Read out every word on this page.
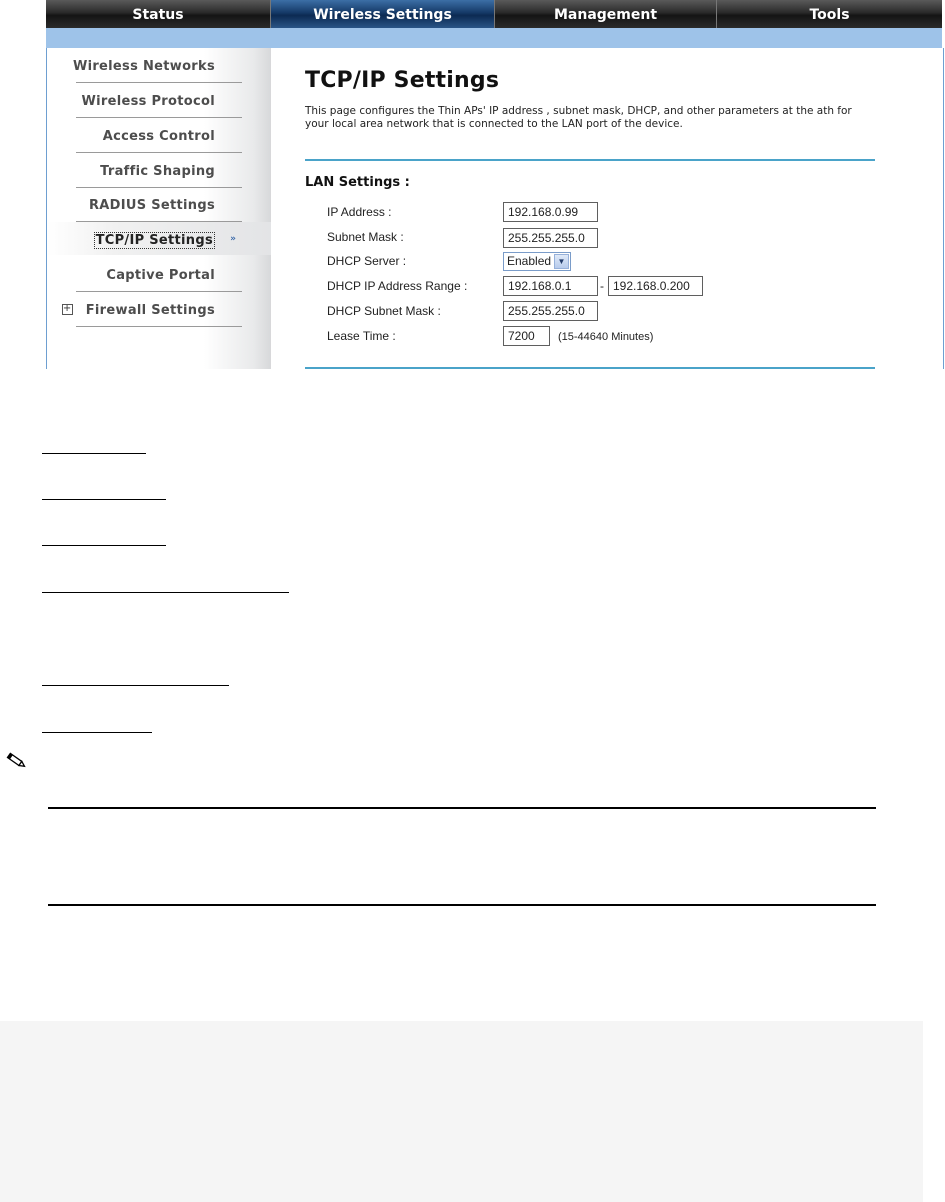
Status	Wireless Settings	Management	Tools
Wireless Networks
Wireless Protocol
Access Control
Traffic Shaping
RADIUS Settings
TCP/IP Settings »
Captive Portal
+ Firewall Settings
TCP/IP Settings
This page configures the Thin APs' IP address , subnet mask, DHCP, and other parameters at the ath for your local area network that is connected to the LAN port of the device.
LAN Settings :
IP Address :	192.168.0.99
Subnet Mask :	255.255.255.0
DHCP Server :	Enabled ▼
DHCP IP Address Range :	192.168.0.1	- 192.168.0.200
DHCP Subnet Mask :	255.255.255.0
Lease Time :	7200	(15-44640 Minutes)
